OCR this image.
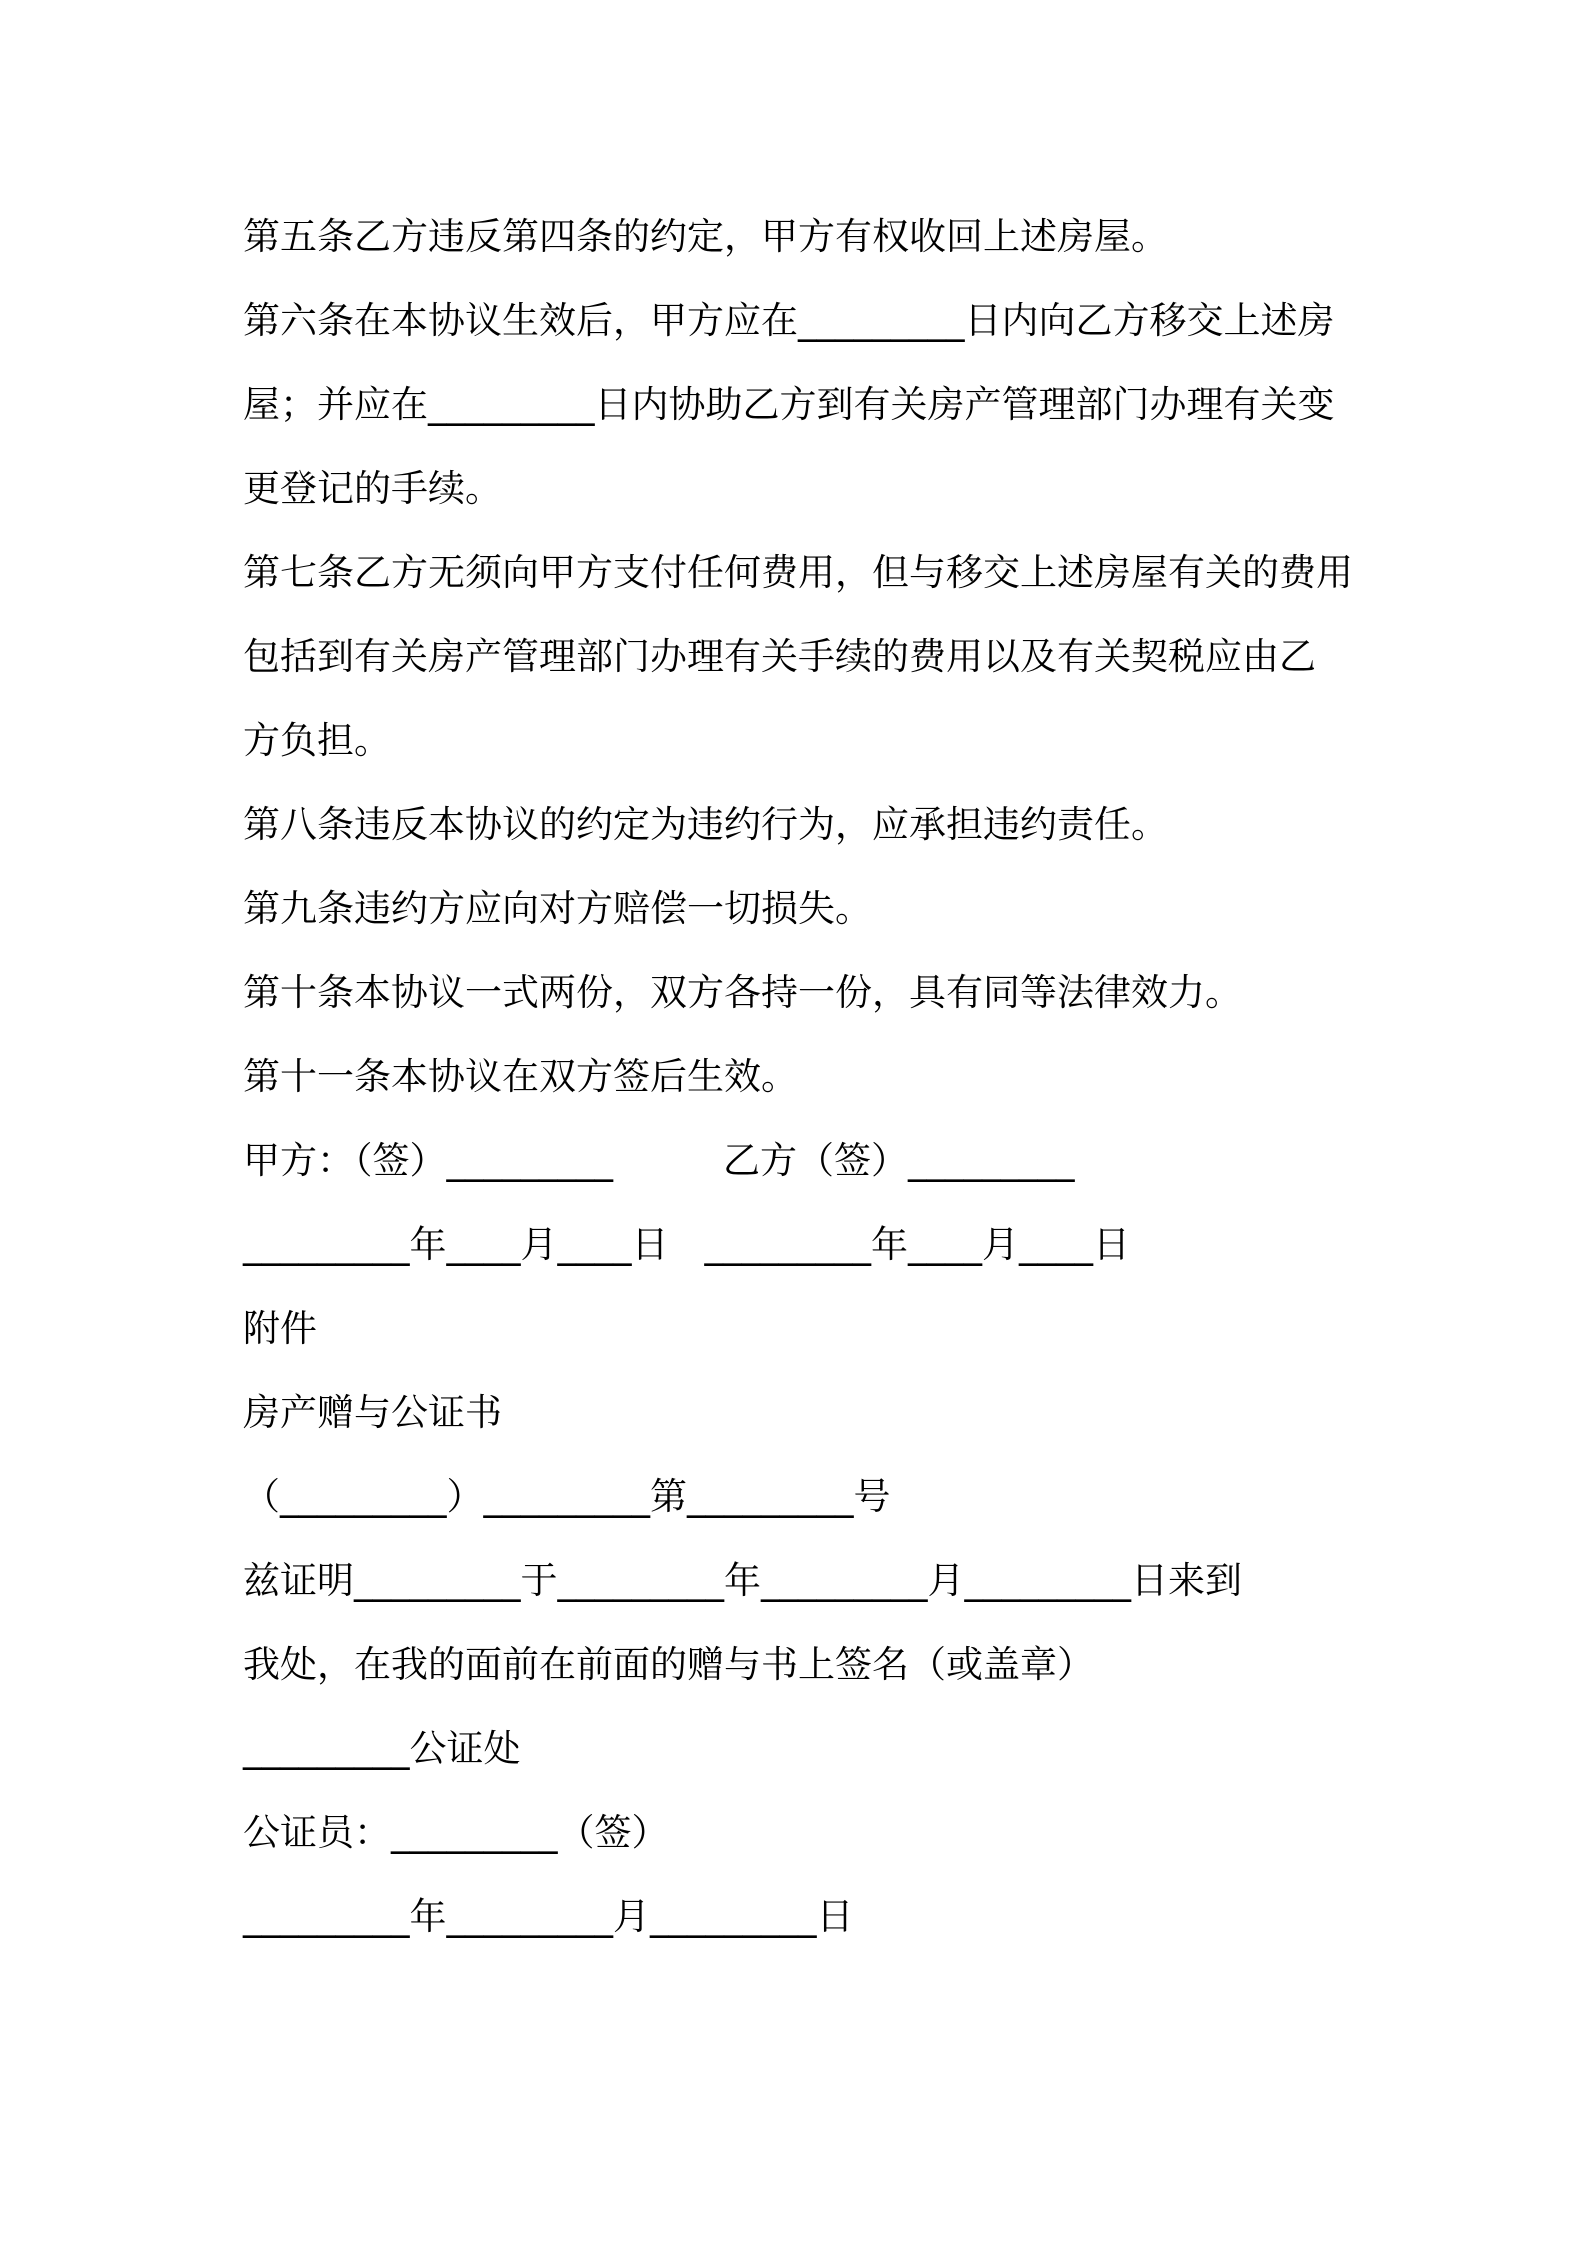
第五条乙方违反第四条的约定，甲方有权收回上述房屋。
第六条在本协议生效后，甲方应在_________日内向乙方移交上述房
屋；并应在_________日内协助乙方到有关房产管理部门办理有关变
更登记的手续。
第七条乙方无须向甲方支付任何费用，但与移交上述房屋有关的费用
包括到有关房产管理部门办理有关手续的费用以及有关契税应由乙
方负担。
第八条违反本协议的约定为违约行为，应承担违约责任。
第九条违约方应向对方赔偿一切损失。
第十条本协议一式两份，双方各持一份，具有同等法律效力。
第十一条本协议在双方签后生效。
甲方：（签）_________	乙方（签）_________
_________年____月____日 _________年____月____日
附件
房产赠与公证书
（_________）_________第_________号
兹证明_________于_________年_________月_________日来到
我处，在我的面前在前面的赠与书上签名（或盖章）
_________公证处
公证员：_________（签）
_________年_________月_________日
